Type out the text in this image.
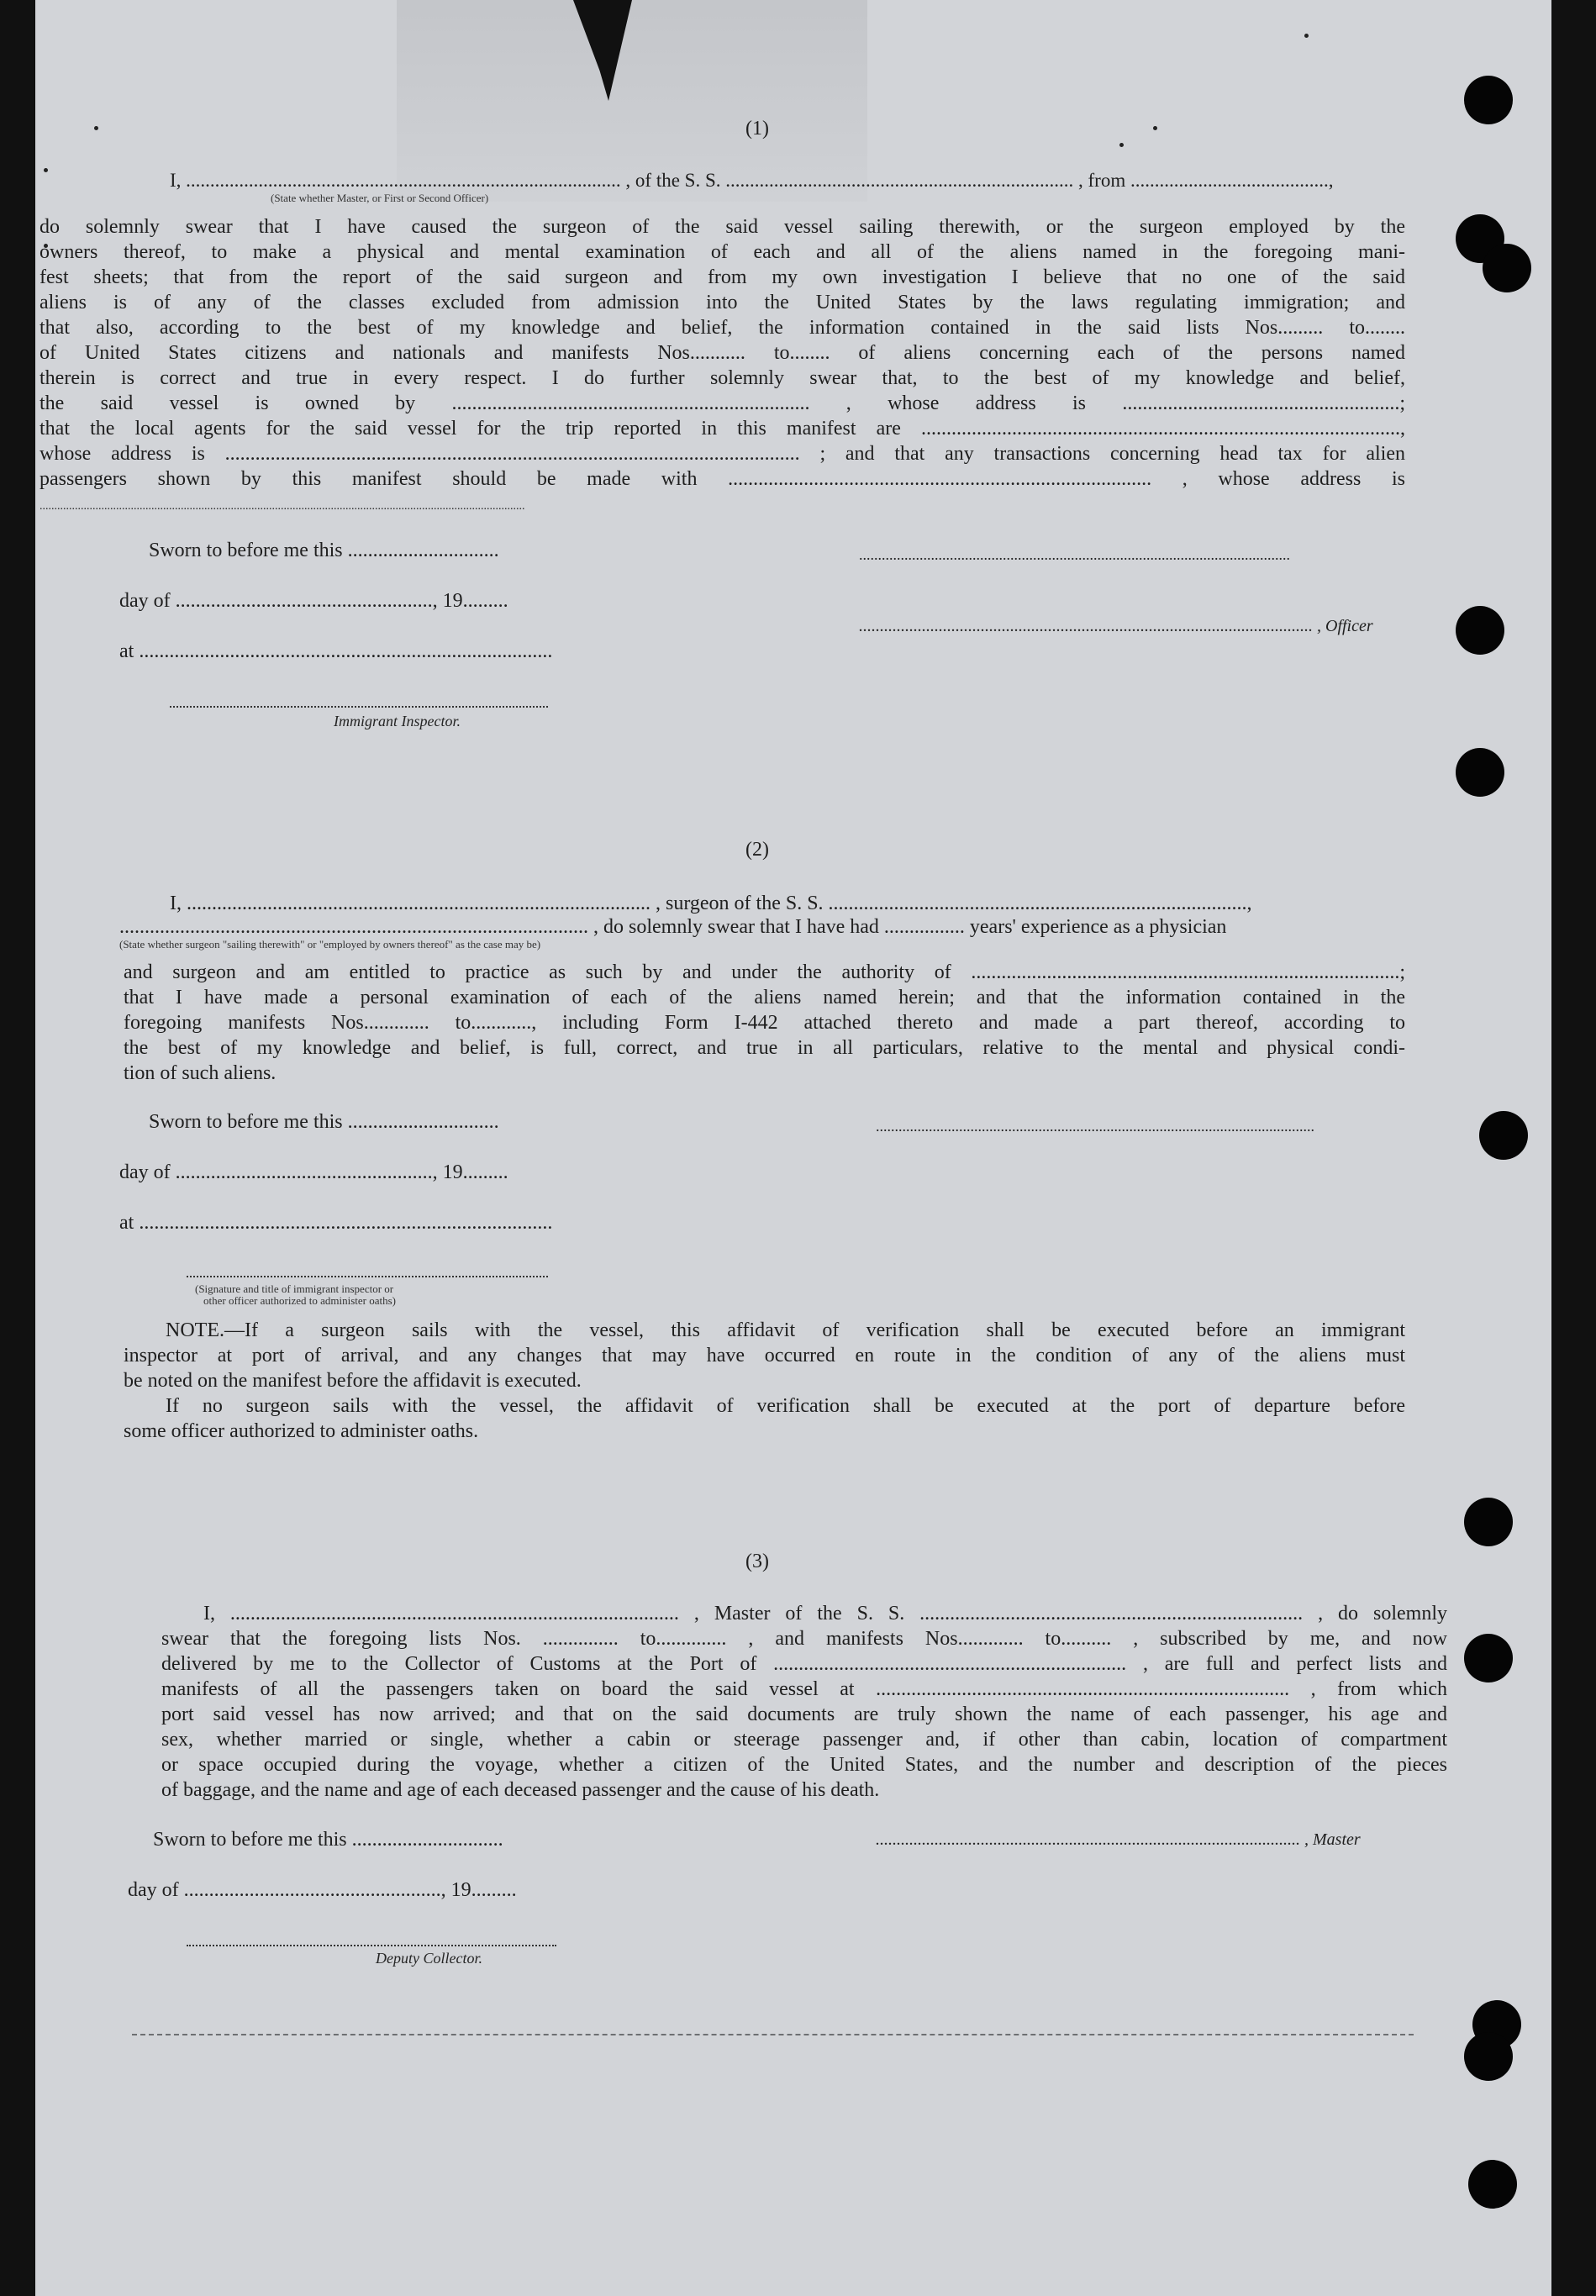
(1)
I, .......................................................................................... , of the S. S. ........................................................................ , from .........................................,
(State whether Master, or First or Second Officer)
do solemnly swear that I have caused the surgeon of the said vessel sailing therewith, or the surgeon employed by the
owners thereof, to make a physical and mental examination of each and all of the aliens named in the foregoing mani-
fest sheets; that from the report of the said surgeon and from my own investigation I believe that no one of the said
aliens is of any of the classes excluded from admission into the United States by the laws regulating immigration; and
that also, according to the best of my knowledge and belief, the information contained in the said lists Nos......... to........
of United States citizens and nationals and manifests Nos........... to........ of aliens concerning each of the persons named
therein is correct and true in every respect. I do further solemnly swear that, to the best of my knowledge and belief,
the said vessel is owned by ....................................................................... , whose address is .......................................................;
that the local agents for the said vessel for the trip reported in this manifest are ...............................................................................................,
whose address is .................................................................................................................. ; and that any transactions concerning head tax for alien
passengers shown by this manifest should be made with .................................................................................... , whose address is
.....................................................................................................................................................................
Sworn to before me this ..............................	..................................................................................................................
day of ..................................................., 19.........
............................................................................................................ , Officer
at ..................................................................................
Immigrant Inspector.
(2)
I, ............................................................................................ , surgeon of the S. S. ...................................................................................,
............................................................................................. , do solemnly swear that I have had ................ years' experience as a physician
(State whether surgeon "sailing therewith" or "employed by owners thereof" as the case may be)
and surgeon and am entitled to practice as such by and under the authority of .....................................................................................;
that I have made a personal examination of each of the aliens named herein; and that the information contained in the
foregoing manifests Nos............. to............, including Form I-442 attached thereto and made a part thereof, according to
the best of my knowledge and belief, is full, correct, and true in all particulars, relative to the mental and physical condi-
tion of such aliens.
Sworn to before me this ..............................	....................................................................................................................
day of ..................................................., 19.........
at ..................................................................................
(Signature and title of immigrant inspector or
other officer authorized to administer oaths)
NOTE.—If a surgeon sails with the vessel, this affidavit of verification shall be executed before an immigrant
inspector at port of arrival, and any changes that may have occurred en route in the condition of any of the aliens must
be noted on the manifest before the affidavit is executed.
If no surgeon sails with the vessel, the affidavit of verification shall be executed at the port of departure before
some officer authorized to administer oaths.
(3)
I, ......................................................................................... , Master of the S. S. ............................................................................ , do solemnly
swear that the foregoing lists Nos. ............... to.............. , and manifests Nos............. to.......... , subscribed by me, and now
delivered by me to the Collector of Customs at the Port of ...................................................................... , are full and perfect lists and
manifests of all the passengers taken on board the said vessel at .................................................................................. , from which
port said vessel has now arrived; and that on the said documents are truly shown the name of each passenger, his age and
sex, whether married or single, whether a cabin or steerage passenger and, if other than cabin, location of compartment
or space occupied during the voyage, whether a citizen of the United States, and the number and description of the pieces
of baggage, and the name and age of each deceased passenger and the cause of his death.
Sworn to before me this ..............................	..................................................................................................... , Master
day of ..................................................., 19.........
Deputy Collector.
